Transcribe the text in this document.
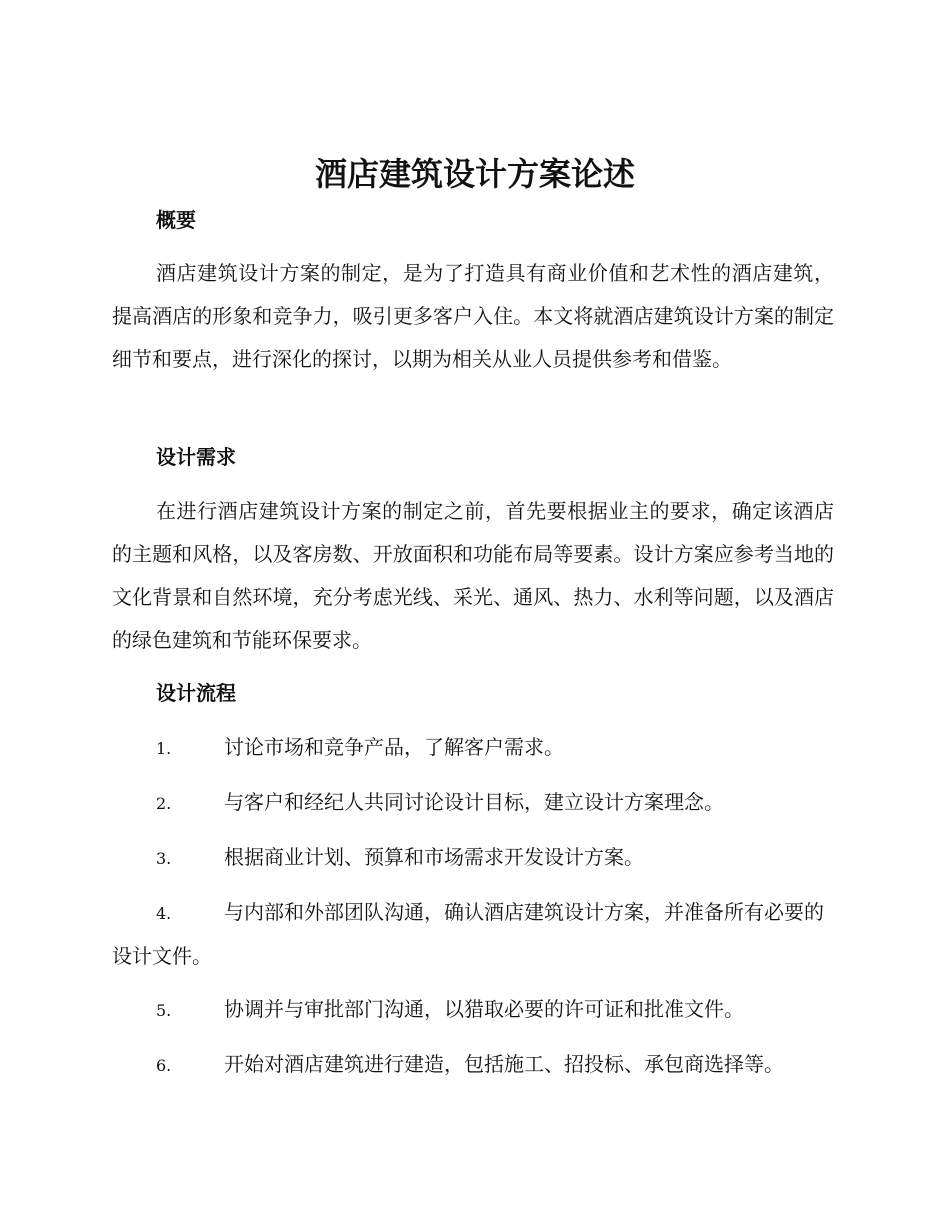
酒店建筑设计方案论述
概要

酒店建筑设计方案的制定，是为了打造具有商业价值和艺术性的酒店建筑，提高酒店的形象和竞争力，吸引更多客户入住。本文将就酒店建筑设计方案的制定细节和要点，进行深化的探讨，以期为相关从业人员提供参考和借鉴。

设计需求

在进行酒店建筑设计方案的制定之前，首先要根据业主的要求，确定该酒店的主题和风格，以及客房数、开放面积和功能布局等要素。设计方案应参考当地的文化背景和自然环境，充分考虑光线、采光、通风、热力、水利等问题，以及酒店的绿色建筑和节能环保要求。

设计流程

1.	讨论市场和竞争产品，了解客户需求。

2.	与客户和经纪人共同讨论设计目标，建立设计方案理念。

3.	根据商业计划、预算和市场需求开发设计方案。

4.	与内部和外部团队沟通，确认酒店建筑设计方案，并准备所有必要的设计文件。

5.	协调并与审批部门沟通，以猎取必要的许可证和批准文件。

6.	开始对酒店建筑进行建造，包括施工、招投标、承包商选择等。
